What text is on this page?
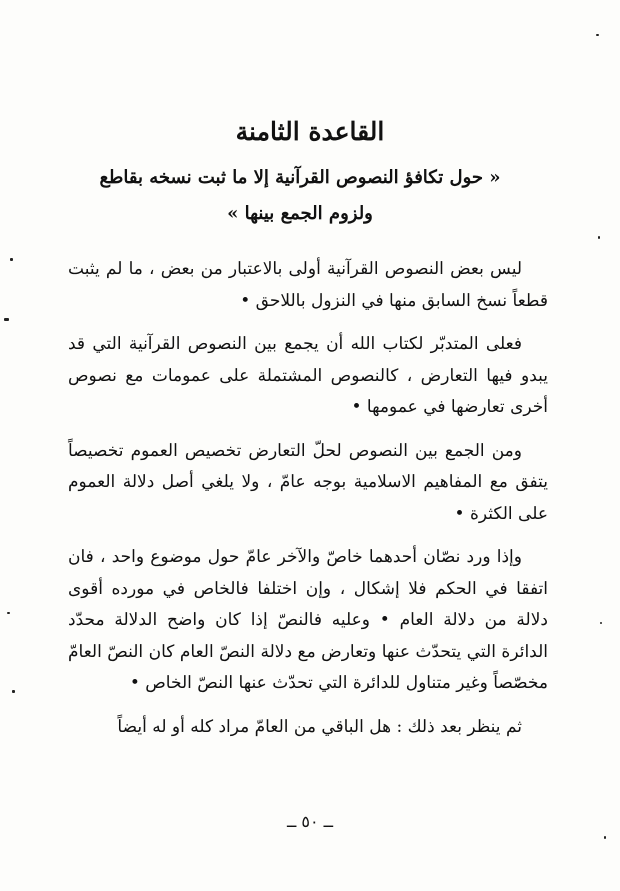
القاعدة الثامنة
« حول تكافؤ النصوص القرآنية إلا ما ثبت نسخه بقاطع ولزوم الجمع بينها »

ليس بعض النصوص القرآنية أولى بالاعتبار من بعض ، ما لم يثبت قطعاً نسخ السابق منها في النزول باللاحق •

فعلى المتدبّر لكتاب الله أن يجمع بين النصوص القرآنية التي قد يبدو فيها التعارض ، كالنصوص المشتملة على عمومات مع نصوص أخرى تعارضها في عمومها •

ومن الجمع بين النصوص لحلّ التعارض تخصيص العموم تخصيصاً يتفق مع المفاهيم الاسلامية بوجه عامّ ، ولا يلغي أصل دلالة العموم على الكثرة •

وإذا ورد نصّان أحدهما خاصّ والآخر عامّ حول موضوع واحد ، فان اتفقا في الحكم فلا إشكال ، وإن اختلفا فالخاص في مورده أقوى دلالة من دلالة العام • وعليه فالنصّ إذا كان واضح الدلالة محدّد الدائرة التي يتحدّث عنها وتعارض مع دلالة النصّ العام كان النصّ العامّ مخصّصاً وغير متناول للدائرة التي تحدّث عنها النصّ الخاص •

ثم ينظر بعد ذلك : هل الباقي من العامّ مراد كله أو له أيضاً

ــ ٥٠ ــ
